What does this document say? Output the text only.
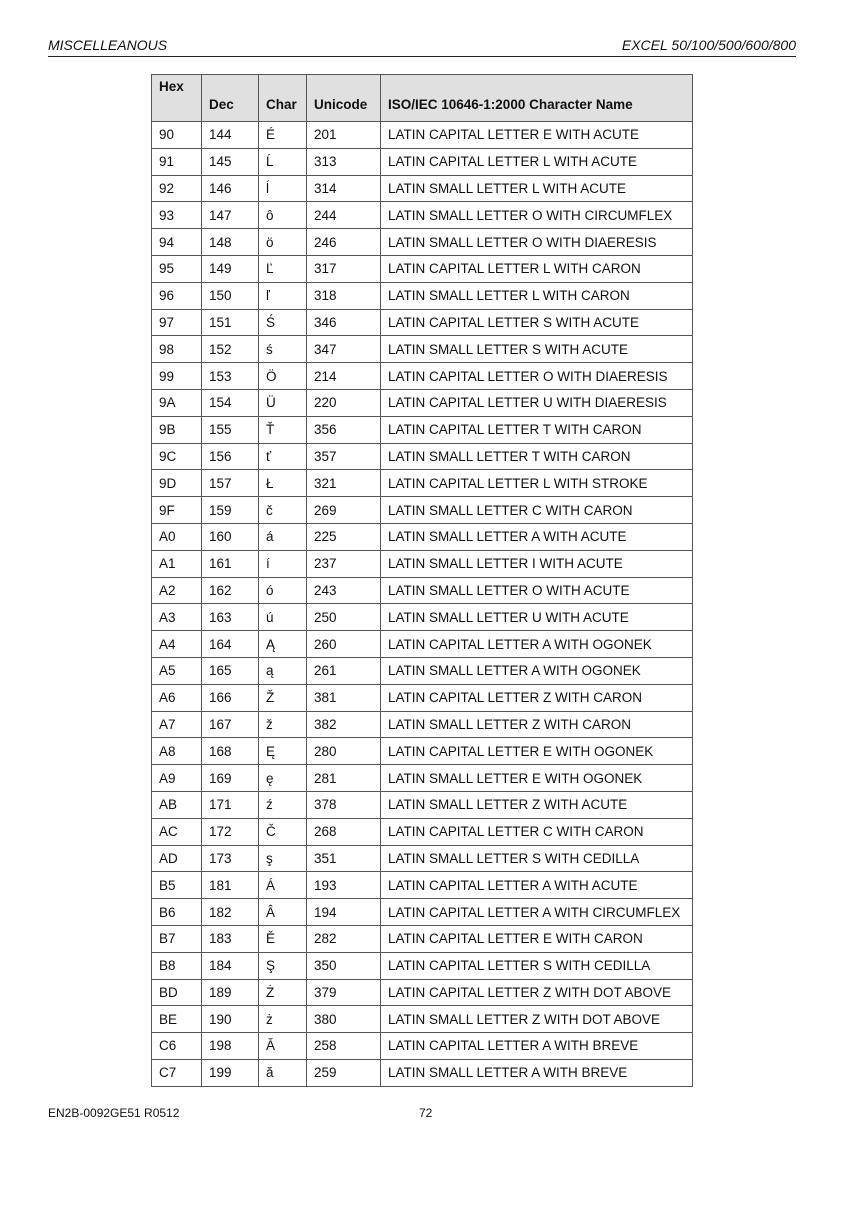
MISCELLEANOUS	EXCEL 50/100/500/600/800
Hex	Dec	Char	Unicode	ISO/IEC 10646-1:2000 Character Name
90	144	É	201	LATIN CAPITAL LETTER E WITH ACUTE
91	145	Ĺ	313	LATIN CAPITAL LETTER L WITH ACUTE
92	146	ĺ	314	LATIN SMALL LETTER L WITH ACUTE
93	147	ô	244	LATIN SMALL LETTER O WITH CIRCUMFLEX
94	148	ö	246	LATIN SMALL LETTER O WITH DIAERESIS
95	149	Ľ	317	LATIN CAPITAL LETTER L WITH CARON
96	150	ľ	318	LATIN SMALL LETTER L WITH CARON
97	151	Ś	346	LATIN CAPITAL LETTER S WITH ACUTE
98	152	ś	347	LATIN SMALL LETTER S WITH ACUTE
99	153	Ö	214	LATIN CAPITAL LETTER O WITH DIAERESIS
9A	154	Ü	220	LATIN CAPITAL LETTER U WITH DIAERESIS
9B	155	Ť	356	LATIN CAPITAL LETTER T WITH CARON
9C	156	ť	357	LATIN SMALL LETTER T WITH CARON
9D	157	Ł	321	LATIN CAPITAL LETTER L WITH STROKE
9F	159	č	269	LATIN SMALL LETTER C WITH CARON
A0	160	á	225	LATIN SMALL LETTER A WITH ACUTE
A1	161	í	237	LATIN SMALL LETTER I WITH ACUTE
A2	162	ó	243	LATIN SMALL LETTER O WITH ACUTE
A3	163	ú	250	LATIN SMALL LETTER U WITH ACUTE
A4	164	Ą	260	LATIN CAPITAL LETTER A WITH OGONEK
A5	165	ą	261	LATIN SMALL LETTER A WITH OGONEK
A6	166	Ž	381	LATIN CAPITAL LETTER Z WITH CARON
A7	167	ž	382	LATIN SMALL LETTER Z WITH CARON
A8	168	Ę	280	LATIN CAPITAL LETTER E WITH OGONEK
A9	169	ę	281	LATIN SMALL LETTER E WITH OGONEK
AB	171	ź	378	LATIN SMALL LETTER Z WITH ACUTE
AC	172	Č	268	LATIN CAPITAL LETTER C WITH CARON
AD	173	ş	351	LATIN SMALL LETTER S WITH CEDILLA
B5	181	Á	193	LATIN CAPITAL LETTER A WITH ACUTE
B6	182	Â	194	LATIN CAPITAL LETTER A WITH CIRCUMFLEX
B7	183	Ě	282	LATIN CAPITAL LETTER E WITH CARON
B8	184	Ş	350	LATIN CAPITAL LETTER S WITH CEDILLA
BD	189	Ż	379	LATIN CAPITAL LETTER Z WITH DOT ABOVE
BE	190	ż	380	LATIN SMALL LETTER Z WITH DOT ABOVE
C6	198	Ă	258	LATIN CAPITAL LETTER A WITH BREVE
C7	199	ă	259	LATIN SMALL LETTER A WITH BREVE
EN2B-0092GE51 R0512	72
